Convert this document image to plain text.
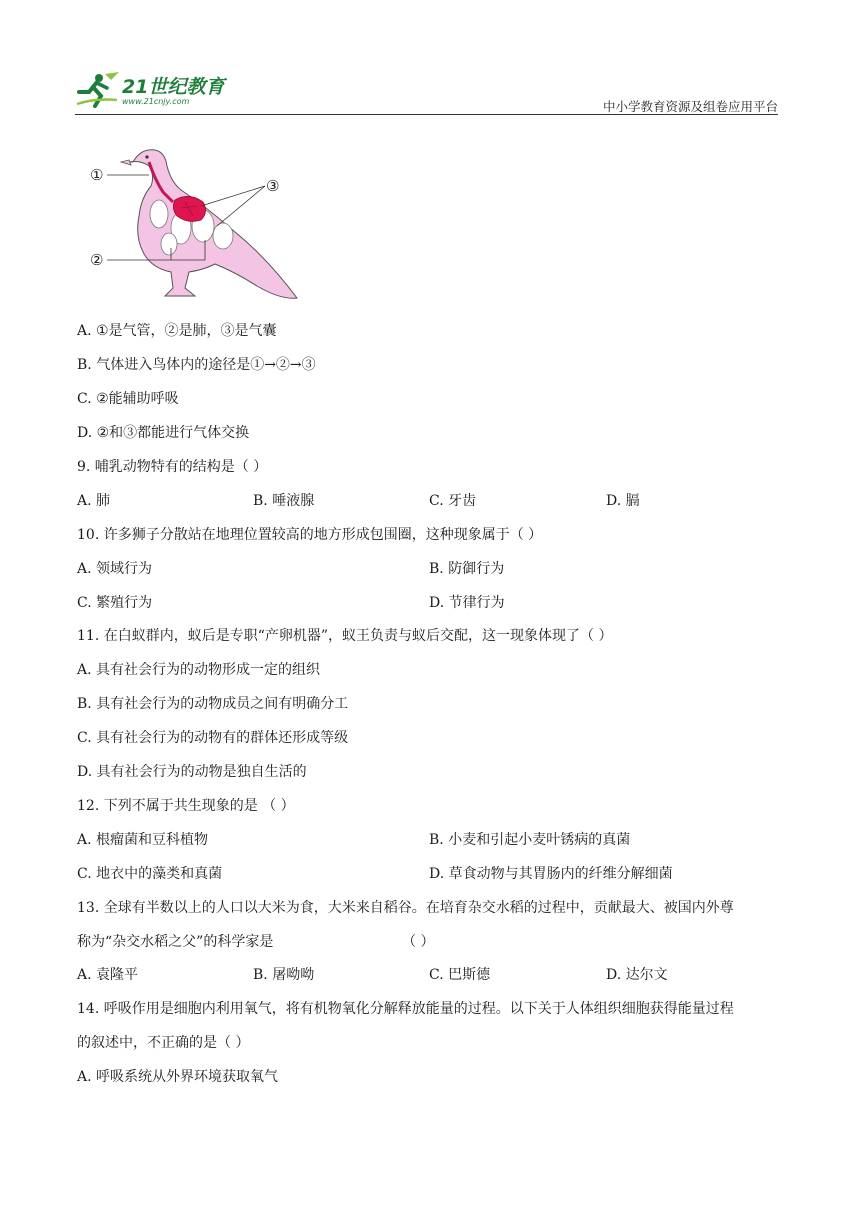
21世纪教育
www.21cnjy.com	中小学教育资源及组卷应用平台
①
②
③
A. ①是气管，②是肺，③是气囊
B. 气体进入鸟体内的途径是①→②→③
C. ②能辅助呼吸
D. ②和③都能进行气体交换
9. 哺乳动物特有的结构是（ ）
A. 肺	B. 唾液腺	C. 牙齿	D. 膈
10. 许多狮子分散站在地理位置较高的地方形成包围圈，这种现象属于（ ）
A. 领域行为	B. 防御行为
C. 繁殖行为	D. 节律行为
11. 在白蚁群内，蚁后是专职“产卵机器”，蚁王负责与蚁后交配，这一现象体现了（ ）
A. 具有社会行为的动物形成一定的组织
B. 具有社会行为的动物成员之间有明确分工
C. 具有社会行为的动物有的群体还形成等级
D. 具有社会行为的动物是独自生活的
12. 下列不属于共生现象的是 （ ）
A. 根瘤菌和豆科植物	B. 小麦和引起小麦叶锈病的真菌
C. 地衣中的藻类和真菌	D. 草食动物与其胃肠内的纤维分解细菌
13. 全球有半数以上的人口以大米为食，大米来自稻谷。在培育杂交水稻的过程中，贡献最大、被国内外尊
称为“杂交水稻之父”的科学家是	（ ）
A. 袁隆平	B. 屠呦呦	C. 巴斯德	D. 达尔文
14. 呼吸作用是细胞内利用氧气，将有机物氧化分解释放能量的过程。以下关于人体组织细胞获得能量过程
的叙述中，不正确的是（ ）
A. 呼吸系统从外界环境获取氧气
